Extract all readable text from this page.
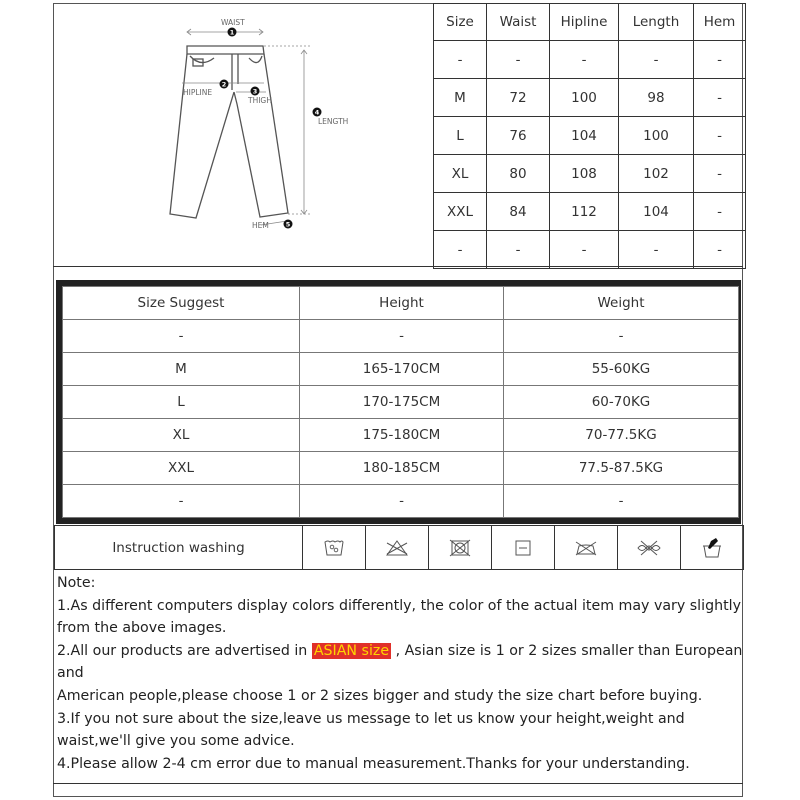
WAIST
HIPLINE
THIGH
LENGTH
HEM
1
2
3
4
5
Size	Waist	Hipline	Length	Hem
-	-	-	-	-
M	72	100	98	-
L	76	104	100	-
XL	80	108	102	-
XXL	84	112	104	-
-	-	-	-	-
Size Suggest	Height	Weight
-	-	-
M	165-170CM	55-60KG
L	170-175CM	60-70KG
XL	175-180CM	70-77.5KG
XXL	180-185CM	77.5-87.5KG
-	-	-
Instruction washing	

Note:

1.As different computers display colors differently, the color of the actual item may vary slightly from the above images.

2.All our products are advertised in ASIAN size , Asian size is 1 or 2 sizes smaller than European and

American people,please choose 1 or 2 sizes bigger and study the size chart before buying.

3.If you not sure about the size,leave us message to let us know your height,weight and waist,we'll give you some advice.

4.Please allow 2-4 cm error due to manual measurement.Thanks for your understanding.
